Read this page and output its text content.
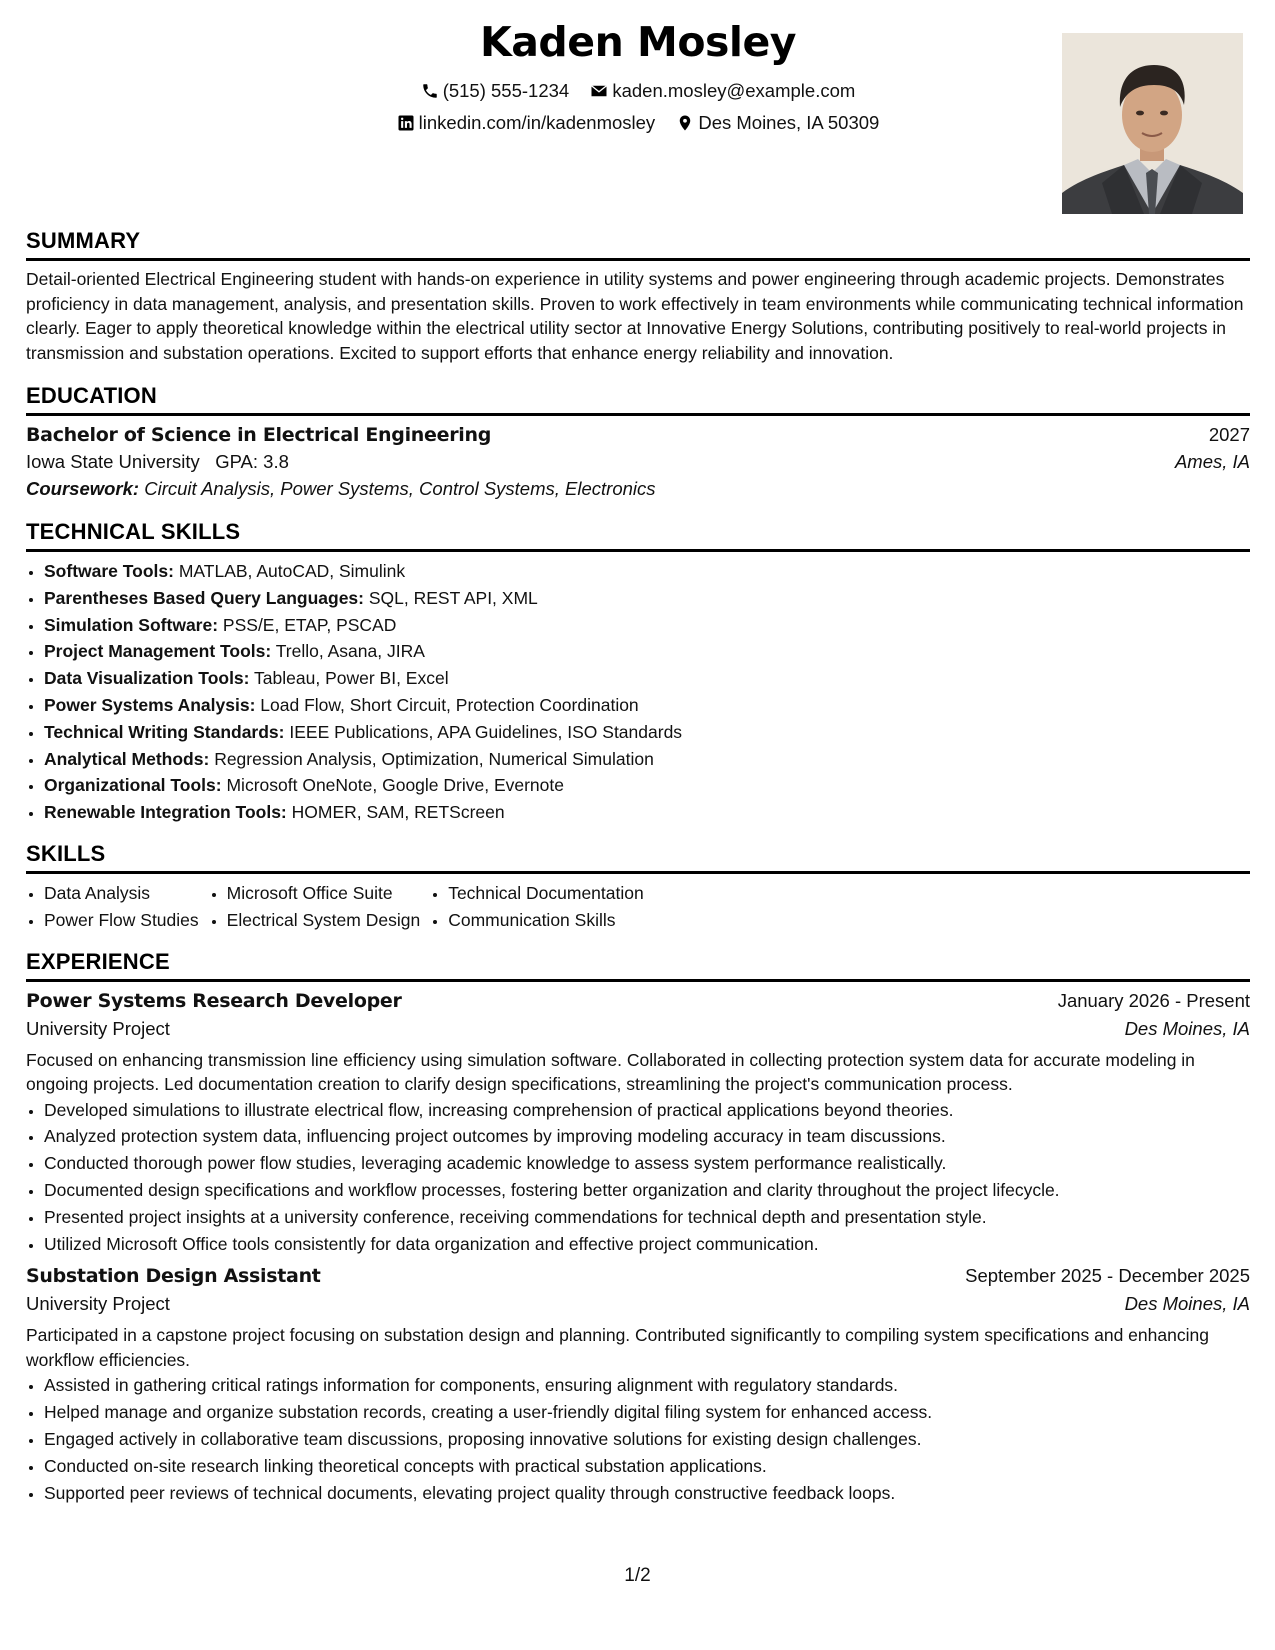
Kaden Mosley
(515) 555-1234
kaden.mosley@example.com
linkedin.com/in/kadenmosley
Des Moines, IA 50309
SUMMARY

Detail-oriented Electrical Engineering student with hands-on experience in utility systems and power engineering through academic projects. Demonstrates proficiency in data management, analysis, and presentation skills. Proven to work effectively in team environments while communicating technical information clearly. Eager to apply theoretical knowledge within the electrical utility sector at Innovative Energy Solutions, contributing positively to real-world projects in transmission and substation operations. Excited to support efforts that enhance energy reliability and innovation.

EDUCATION
Bachelor of Science in Electrical Engineering	2027
Iowa State University GPA: 3.8	Ames, IA
Coursework: Circuit Analysis, Power Systems, Control Systems, Electronics
TECHNICAL SKILLS
• Software Tools: MATLAB, AutoCAD, Simulink
• Parentheses Based Query Languages: SQL, REST API, XML
• Simulation Software: PSS/E, ETAP, PSCAD
• Project Management Tools: Trello, Asana, JIRA
• Data Visualization Tools: Tableau, Power BI, Excel
• Power Systems Analysis: Load Flow, Short Circuit, Protection Coordination
• Technical Writing Standards: IEEE Publications, APA Guidelines, ISO Standards
• Analytical Methods: Regression Analysis, Optimization, Numerical Simulation
• Organizational Tools: Microsoft OneNote, Google Drive, Evernote
• Renewable Integration Tools: HOMER, SAM, RETScreen
SKILLS
• Data Analysis
• Power Flow Studies
• Microsoft Office Suite
• Electrical System Design
• Technical Documentation
• Communication Skills
EXPERIENCE
Power Systems Research Developer	January 2026 - Present
University Project	Des Moines, IA

Focused on enhancing transmission line efficiency using simulation software. Collaborated in collecting protection system data for accurate modeling in ongoing projects. Led documentation creation to clarify design specifications, streamlining the project's communication process.

• Developed simulations to illustrate electrical flow, increasing comprehension of practical applications beyond theories.
• Analyzed protection system data, influencing project outcomes by improving modeling accuracy in team discussions.
• Conducted thorough power flow studies, leveraging academic knowledge to assess system performance realistically.
• Documented design specifications and workflow processes, fostering better organization and clarity throughout the project lifecycle.
• Presented project insights at a university conference, receiving commendations for technical depth and presentation style.
• Utilized Microsoft Office tools consistently for data organization and effective project communication.
Substation Design Assistant	September 2025 - December 2025
University Project	Des Moines, IA

Participated in a capstone project focusing on substation design and planning. Contributed significantly to compiling system specifications and enhancing workflow efficiencies.

• Assisted in gathering critical ratings information for components, ensuring alignment with regulatory standards.
• Helped manage and organize substation records, creating a user-friendly digital filing system for enhanced access.
• Engaged actively in collaborative team discussions, proposing innovative solutions for existing design challenges.
• Conducted on-site research linking theoretical concepts with practical substation applications.
• Supported peer reviews of technical documents, elevating project quality through constructive feedback loops.
1/2
